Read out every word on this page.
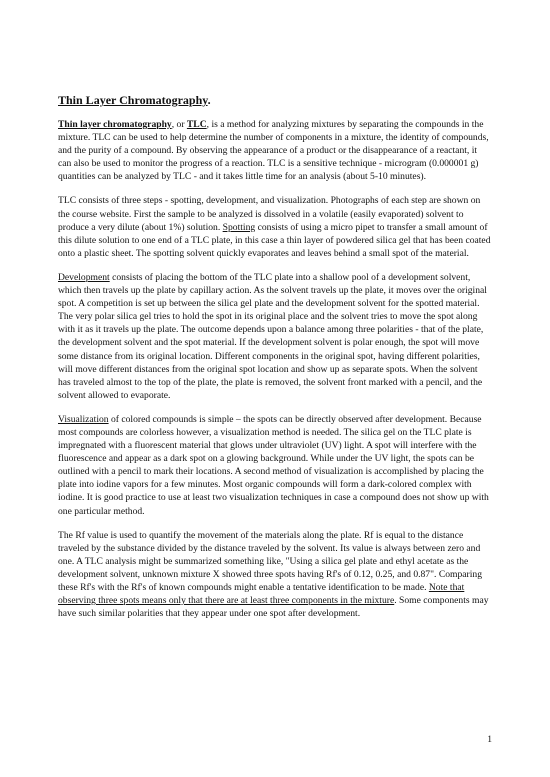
Thin Layer Chromatography.

Thin layer chromatography, or TLC, is a method for analyzing mixtures by separating the compounds in the mixture. TLC can be used to help determine the number of components in a mixture, the identity of compounds, and the purity of a compound. By observing the appearance of a product or the disappearance of a reactant, it can also be used to monitor the progress of a reaction. TLC is a sensitive technique - microgram (0.000001 g) quantities can be analyzed by TLC - and it takes little time for an analysis (about 5-10 minutes).

TLC consists of three steps - spotting, development, and visualization. Photographs of each step are shown on the course website. First the sample to be analyzed is dissolved in a volatile (easily evaporated) solvent to produce a very dilute (about 1%) solution. Spotting consists of using a micro pipet to transfer a small amount of this dilute solution to one end of a TLC plate, in this case a thin layer of powdered silica gel that has been coated onto a plastic sheet. The spotting solvent quickly evaporates and leaves behind a small spot of the material.

Development consists of placing the bottom of the TLC plate into a shallow pool of a development solvent, which then travels up the plate by capillary action. As the solvent travels up the plate, it moves over the original spot. A competition is set up between the silica gel plate and the development solvent for the spotted material. The very polar silica gel tries to hold the spot in its original place and the solvent tries to move the spot along with it as it travels up the plate. The outcome depends upon a balance among three polarities - that of the plate, the development solvent and the spot material. If the development solvent is polar enough, the spot will move some distance from its original location. Different components in the original spot, having different polarities, will move different distances from the original spot location and show up as separate spots. When the solvent has traveled almost to the top of the plate, the plate is removed, the solvent front marked with a pencil, and the solvent allowed to evaporate.

Visualization of colored compounds is simple – the spots can be directly observed after development. Because most compounds are colorless however, a visualization method is needed. The silica gel on the TLC plate is impregnated with a fluorescent material that glows under ultraviolet (UV) light. A spot will interfere with the fluorescence and appear as a dark spot on a glowing background. While under the UV light, the spots can be outlined with a pencil to mark their locations. A second method of visualization is accomplished by placing the plate into iodine vapors for a few minutes. Most organic compounds will form a dark-colored complex with iodine. It is good practice to use at least two visualization techniques in case a compound does not show up with one particular method.

The Rf value is used to quantify the movement of the materials along the plate. Rf is equal to the distance traveled by the substance divided by the distance traveled by the solvent. Its value is always between zero and one. A TLC analysis might be summarized something like, "Using a silica gel plate and ethyl acetate as the development solvent, unknown mixture X showed three spots having Rf's of 0.12, 0.25, and 0.87". Comparing these Rf's with the Rf's of known compounds might enable a tentative identification to be made. Note that observing three spots means only that there are at least three components in the mixture. Some components may have such similar polarities that they appear under one spot after development.

1
